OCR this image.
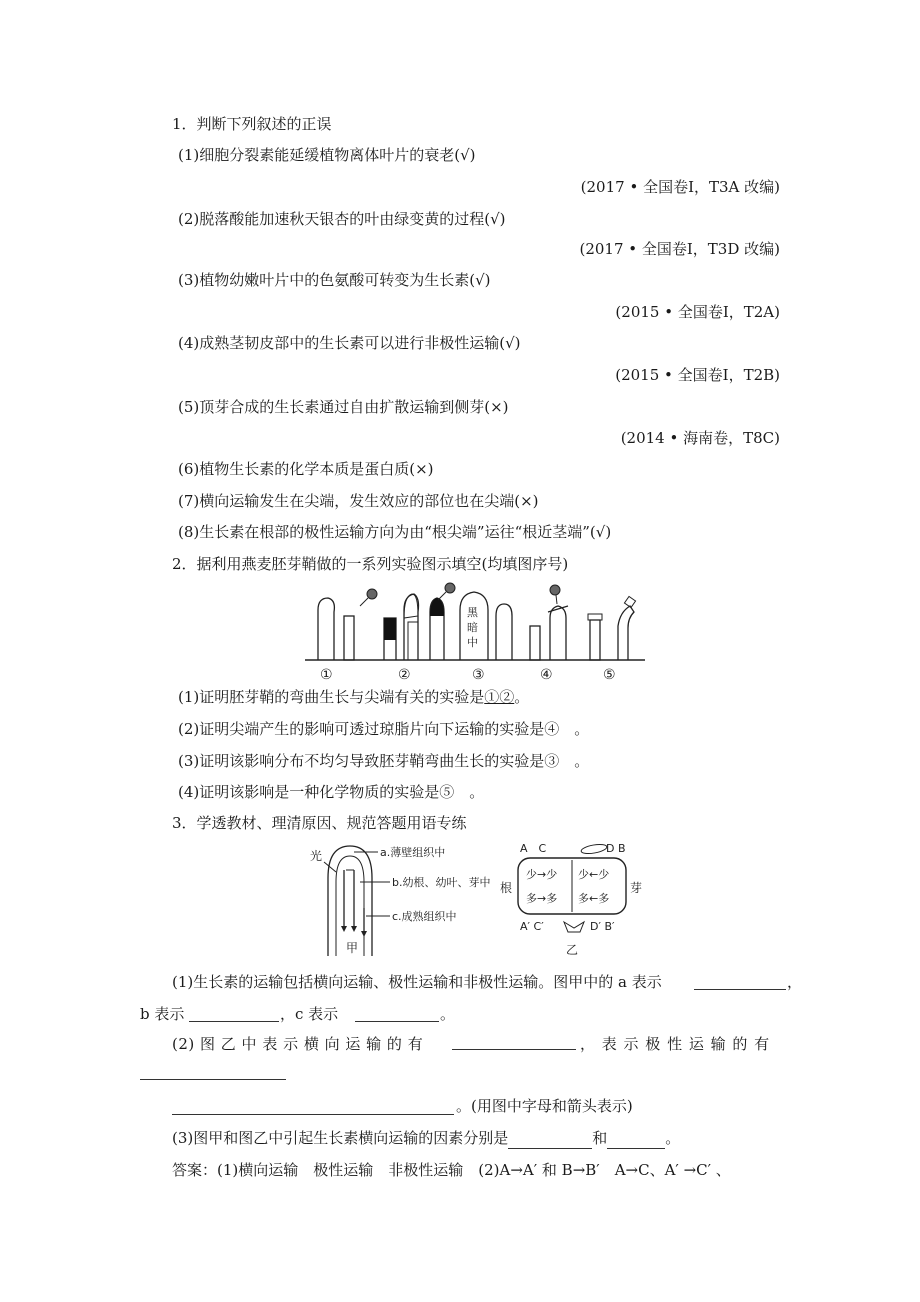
1．判断下列叙述的正误
(1)细胞分裂素能延缓植物离体叶片的衰老(√)
(2017 • 全国卷Ⅰ，T3A 改编)
(2)脱落酸能加速秋天银杏的叶由绿变黄的过程(√)
(2017 • 全国卷Ⅰ，T3D 改编)
(3)植物幼嫩叶片中的色氨酸可转变为生长素(√)
(2015 • 全国卷Ⅰ，T2A)
(4)成熟茎韧皮部中的生长素可以进行非极性运输(√)
(2015 • 全国卷Ⅰ，T2B)
(5)顶芽合成的生长素通过自由扩散运输到侧芽(×)
(2014 • 海南卷，T8C)
(6)植物生长素的化学本质是蛋白质(×)
(7)横向运输发生在尖端，发生效应的部位也在尖端(×)
(8)生长素在根部的极性运输方向为由“根尖端”运往“根近茎端”(√)
2．据利用燕麦胚芽鞘做的一系列实验图示填空(均填图序号)
黑
暗
中
①	②	③	④	⑤
(1)证明胚芽鞘的弯曲生长与尖端有关的实验是①②。
(2)证明尖端产生的影响可透过琼脂片向下运输的实验是④　。
(3)证明该影响分布不均匀导致胚芽鞘弯曲生长的实验是③　。
(4)证明该影响是一种化学物质的实验是⑤　。
3．学透教材、理清原因、规范答题用语专练
光	a.薄壁组织中
b.幼根、幼叶、芽中
c.成熟组织中
甲
A　C	D B
根	芽
少→少 少←少
多→多 多←多
A′ C′	D′ B′
乙
(1)生长素的运输包括横向运输、极性运输和非极性运输。图甲中的 a 表示	，
b 表示	，c 表示	。
(2) 图 乙 中 表 示 横 向 运 输 的 有	， 表 示 极 性 运 输 的 有
。(用图中字母和箭头表示)
(3)图甲和图乙中引起生长素横向运输的因素分别是	和	。
答案：(1)横向运输　极性运输　非极性运输　(2)A→A′ 和 B→B′　A→C、A′ →C′ 、
